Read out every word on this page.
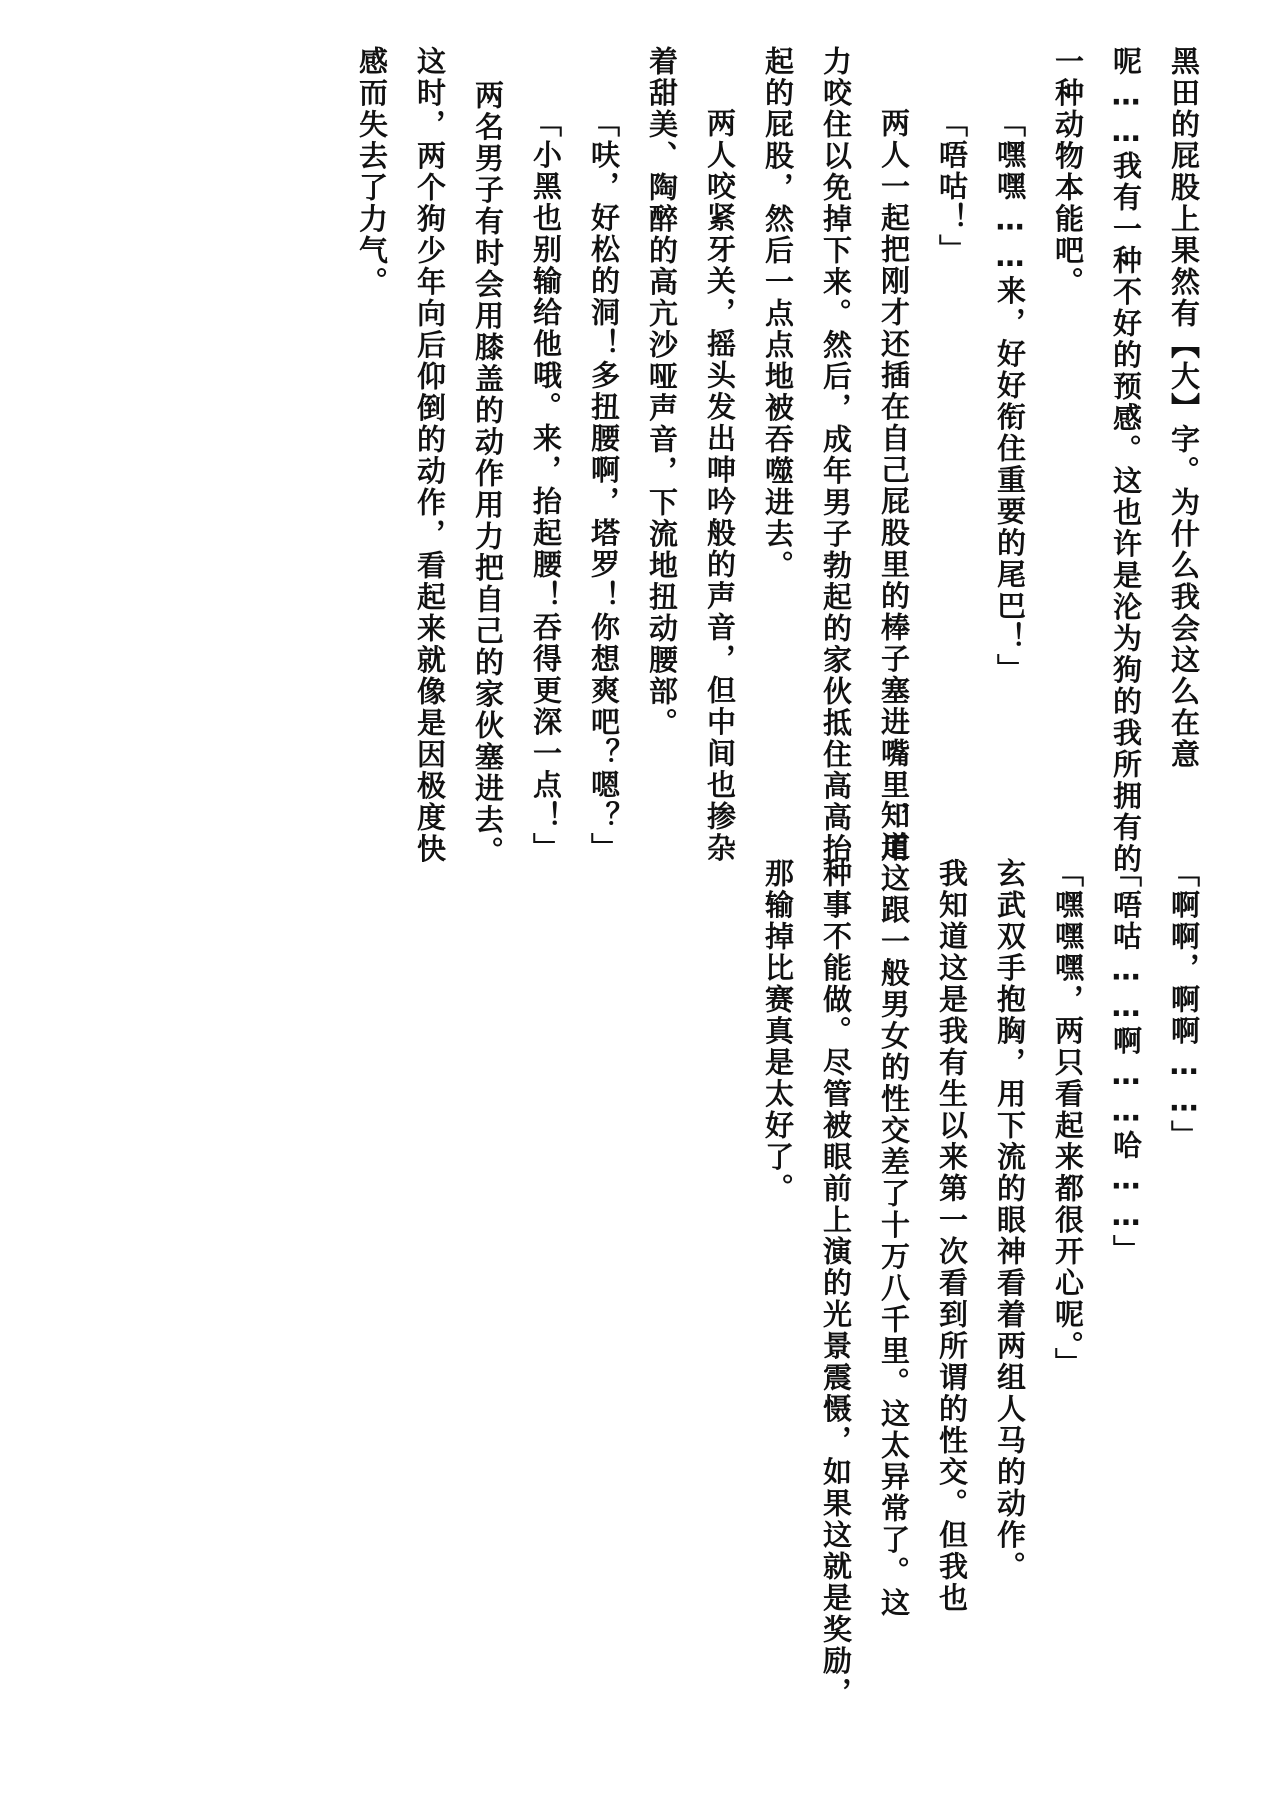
黑田的屁股上果然有【大】字。为什么我会这么在意
呢……我有一种不好的预感。这也许是沦为狗的我所拥有的
一种动物本能吧。
「嘿嘿……来，好好衔住重要的尾巴！」
「唔咕！」
两人一起把刚才还插在自己屁股里的棒子塞进嘴里，用
力咬住以免掉下来。然后，成年男子勃起的家伙抵住高高抬
起的屁股，然后一点点地被吞噬进去。
两人咬紧牙关，摇头发出呻吟般的声音，但中间也掺杂
着甜美、陶醉的高亢沙哑声音，下流地扭动腰部。
「呋，好松的洞！多扭腰啊，塔罗！你想爽吧？嗯？」
「小黑也别输给他哦。来，抬起腰！吞得更深一点！」
两名男子有时会用膝盖的动作用力把自己的家伙塞进去。
这时，两个狗少年向后仰倒的动作，看起来就像是因极度快
感而失去了力气。
「啊啊，啊啊……」
「唔咕……啊……哈……」
「嘿嘿嘿，两只看起来都很开心呢。」
玄武双手抱胸，用下流的眼神看着两组人马的动作。
我知道这是我有生以来第一次看到所谓的性交。但我也
知道这跟一般男女的性交差了十万八千里。这太异常了。这
种事不能做。尽管被眼前上演的光景震慑，如果这就是奖励，
那输掉比赛真是太好了。
